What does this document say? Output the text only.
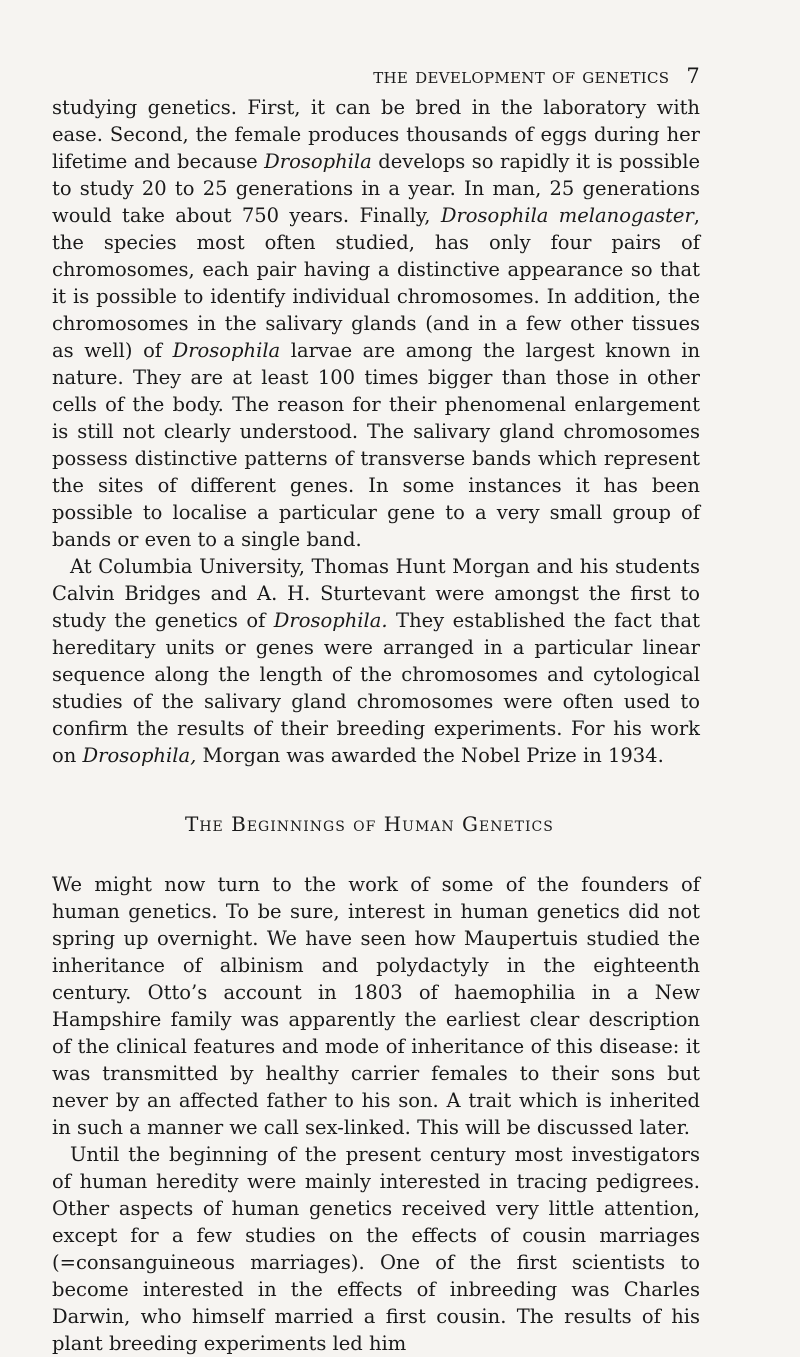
the development of genetics 7

studying genetics. First, it can be bred in the laboratory with ease. Second, the female produces thousands of eggs during her lifetime and because Drosophila develops so rapidly it is possible to study 20 to 25 generations in a year. In man, 25 generations would take about 750 years. Finally, Drosophila melanogaster, the species most often studied, has only four pairs of chromosomes, each pair having a distinctive appearance so that it is possible to identify individual chromosomes. In addition, the chromosomes in the salivary glands (and in a few other tissues as well) of Drosophila larvae are among the largest known in nature. They are at least 100 times bigger than those in other cells of the body. The reason for their phenomenal enlargement is still not clearly understood. The salivary gland chromosomes possess distinctive patterns of transverse bands which represent the sites of different genes. In some instances it has been possible to localise a particular gene to a very small group of bands or even to a single band.

At Columbia University, Thomas Hunt Morgan and his students Calvin Bridges and A. H. Sturtevant were amongst the first to study the genetics of Drosophila. They established the fact that hereditary units or genes were arranged in a particular linear sequence along the length of the chromosomes and cytological studies of the salivary gland chromosomes were often used to confirm the results of their breeding experiments. For his work on Drosophila, Morgan was awarded the Nobel Prize in 1934.

The Beginnings of Human Genetics

We might now turn to the work of some of the founders of human genetics. To be sure, interest in human genetics did not spring up overnight. We have seen how Maupertuis studied the inheritance of albinism and polydactyly in the eighteenth century. Otto’s account in 1803 of haemophilia in a New Hampshire family was apparently the earliest clear description of the clinical features and mode of inheritance of this disease: it was transmitted by healthy carrier females to their sons but never by an affected father to his son. A trait which is inherited in such a manner we call sex-linked. This will be discussed later.

Until the beginning of the present century most investigators of human heredity were mainly interested in tracing pedigrees. Other aspects of human genetics received very little attention, except for a few studies on the effects of cousin marriages (=consanguineous marriages). One of the first scientists to become interested in the effects of inbreeding was Charles Darwin, who himself married a first cousin. The results of his plant breeding experiments led him
